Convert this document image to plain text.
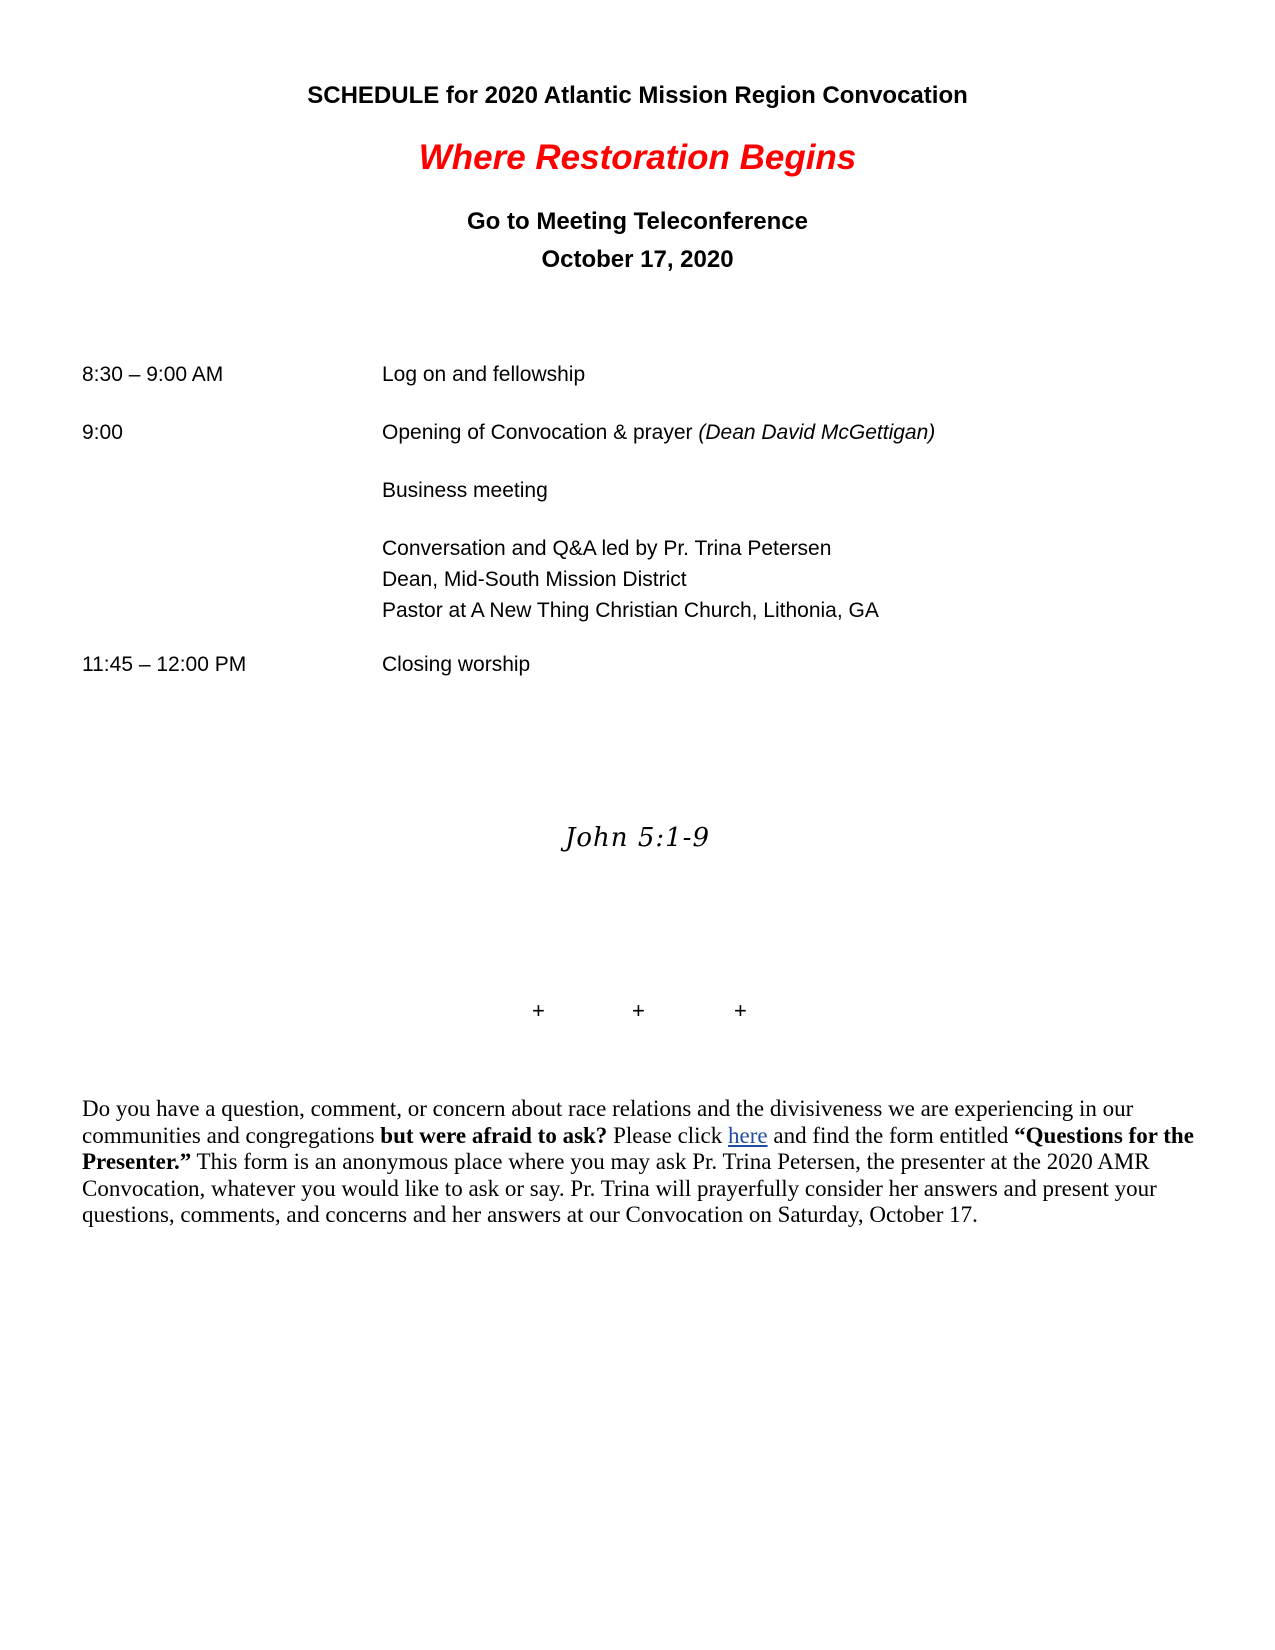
SCHEDULE for 2020 Atlantic Mission Region Convocation
Where Restoration Begins
Go to Meeting Teleconference
October 17, 2020
8:30 – 9:00 AM	Log on and fellowship
9:00	Opening of Convocation & prayer (Dean David McGettigan)
Business meeting
Conversation and Q&A led by Pr. Trina Petersen
Dean, Mid-South Mission District
Pastor at A New Thing Christian Church, Lithonia, GA
11:45 – 12:00 PM	Closing worship
John 5:1-9
+	+	+
Do you have a question, comment, or concern about race relations and the divisiveness we are experiencing in our communities and congregations but were afraid to ask? Please click here and find the form entitled “Questions for the Presenter.” This form is an anonymous place where you may ask Pr. Trina Petersen, the presenter at the 2020 AMR Convocation, whatever you would like to ask or say. Pr. Trina will prayerfully consider her answers and present your questions, comments, and concerns and her answers at our Convocation on Saturday, October 17.
